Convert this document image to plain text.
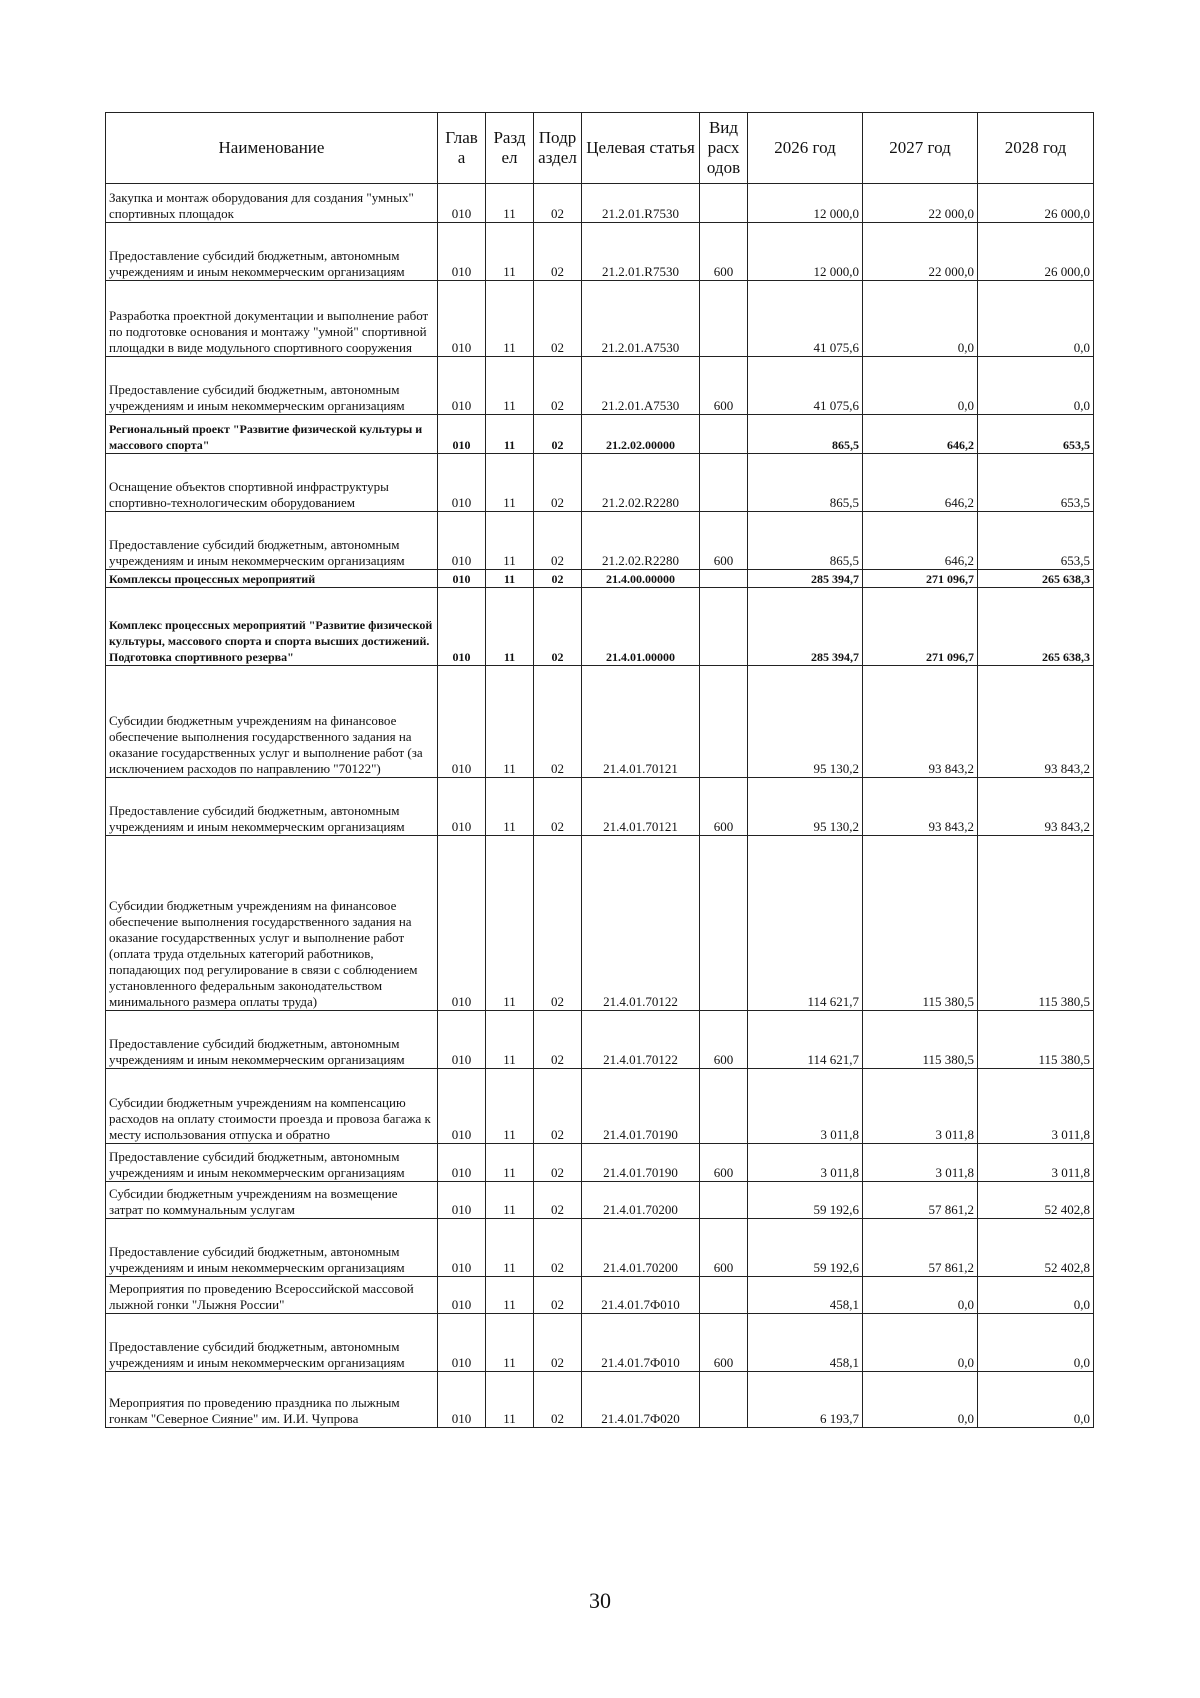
Наименование	Глав а	Разд ел	Подр аздел	Целевая статья	Вид расх одов	2026 год	2027 год	2028 год
Закупка и монтаж оборудования для создания "умных" спортивных площадок	010	11	02	21.2.01.R7530		12 000,0	22 000,0	26 000,0
Предоставление субсидий бюджетным, автономным учреждениям и иным некоммерческим организациям	010	11	02	21.2.01.R7530	600	12 000,0	22 000,0	26 000,0
Разработка проектной документации и выполнение работ по подготовке основания и монтажу "умной" спортивной площадки в виде модульного спортивного сооружения	010	11	02	21.2.01.A7530		41 075,6	0,0	0,0
Предоставление субсидий бюджетным, автономным учреждениям и иным некоммерческим организациям	010	11	02	21.2.01.A7530	600	41 075,6	0,0	0,0
Региональный проект "Развитие физической культуры и массового спорта"	010	11	02	21.2.02.00000		865,5	646,2	653,5
Оснащение объектов спортивной инфраструктуры спортивно-технологическим оборудованием	010	11	02	21.2.02.R2280		865,5	646,2	653,5
Предоставление субсидий бюджетным, автономным учреждениям и иным некоммерческим организациям	010	11	02	21.2.02.R2280	600	865,5	646,2	653,5
Комплексы процессных мероприятий	010	11	02	21.4.00.00000		285 394,7	271 096,7	265 638,3
Комплекс процессных мероприятий "Развитие физической культуры, массового спорта и спорта высших достижений. Подготовка спортивного резерва"	010	11	02	21.4.01.00000		285 394,7	271 096,7	265 638,3
Субсидии бюджетным учреждениям на финансовое обеспечение выполнения государственного задания на оказание государственных услуг и выполнение работ (за исключением расходов по направлению "70122")	010	11	02	21.4.01.70121		95 130,2	93 843,2	93 843,2
Предоставление субсидий бюджетным, автономным учреждениям и иным некоммерческим организациям	010	11	02	21.4.01.70121	600	95 130,2	93 843,2	93 843,2
Субсидии бюджетным учреждениям на финансовое обеспечение выполнения государственного задания на оказание государственных услуг и выполнение работ (оплата труда отдельных категорий работников, попадающих под регулирование в связи с соблюдением установленного федеральным законодательством минимального размера оплаты труда)	010	11	02	21.4.01.70122		114 621,7	115 380,5	115 380,5
Предоставление субсидий бюджетным, автономным учреждениям и иным некоммерческим организациям	010	11	02	21.4.01.70122	600	114 621,7	115 380,5	115 380,5
Субсидии бюджетным учреждениям на компенсацию расходов на оплату стоимости проезда и провоза багажа к месту использования отпуска и обратно	010	11	02	21.4.01.70190		3 011,8	3 011,8	3 011,8
Предоставление субсидий бюджетным, автономным учреждениям и иным некоммерческим организациям	010	11	02	21.4.01.70190	600	3 011,8	3 011,8	3 011,8
Субсидии бюджетным учреждениям на возмещение затрат по коммунальным услугам	010	11	02	21.4.01.70200		59 192,6	57 861,2	52 402,8
Предоставление субсидий бюджетным, автономным учреждениям и иным некоммерческим организациям	010	11	02	21.4.01.70200	600	59 192,6	57 861,2	52 402,8
Мероприятия по проведению Всероссийской массовой лыжной гонки "Лыжня России"	010	11	02	21.4.01.7Ф010		458,1	0,0	0,0
Предоставление субсидий бюджетным, автономным учреждениям и иным некоммерческим организациям	010	11	02	21.4.01.7Ф010	600	458,1	0,0	0,0
Мероприятия по проведению праздника по лыжным гонкам "Северное Сияние" им. И.И. Чупрова	010	11	02	21.4.01.7Ф020		6 193,7	0,0	0,0
30
